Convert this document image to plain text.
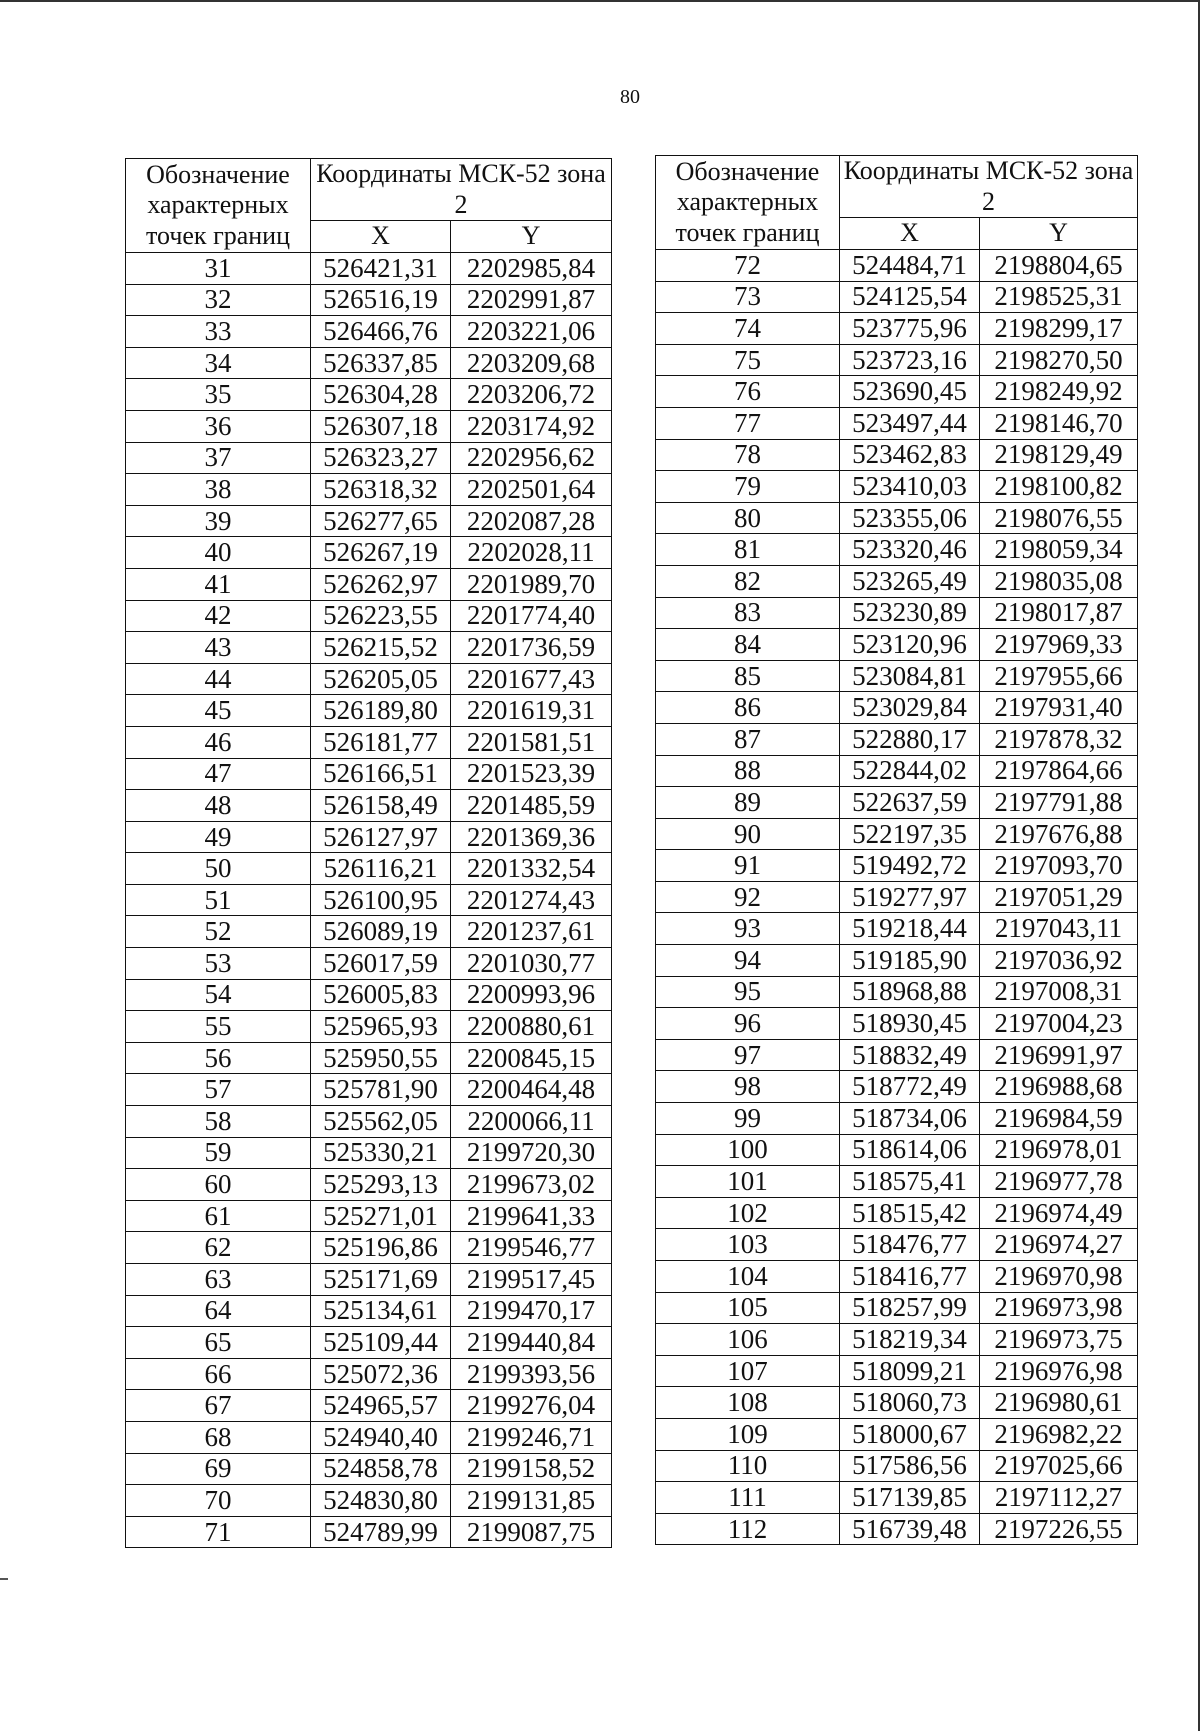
80
Обозначение характерных точек границ	Координаты МСК-52 зона 2	
	X	Y
31	526421,31	2202985,84
32	526516,19	2202991,87
33	526466,76	2203221,06
34	526337,85	2203209,68
35	526304,28	2203206,72
36	526307,18	2203174,92
37	526323,27	2202956,62
38	526318,32	2202501,64
39	526277,65	2202087,28
40	526267,19	2202028,11
41	526262,97	2201989,70
42	526223,55	2201774,40
43	526215,52	2201736,59
44	526205,05	2201677,43
45	526189,80	2201619,31
46	526181,77	2201581,51
47	526166,51	2201523,39
48	526158,49	2201485,59
49	526127,97	2201369,36
50	526116,21	2201332,54
51	526100,95	2201274,43
52	526089,19	2201237,61
53	526017,59	2201030,77
54	526005,83	2200993,96
55	525965,93	2200880,61
56	525950,55	2200845,15
57	525781,90	2200464,48
58	525562,05	2200066,11
59	525330,21	2199720,30
60	525293,13	2199673,02
61	525271,01	2199641,33
62	525196,86	2199546,77
63	525171,69	2199517,45
64	525134,61	2199470,17
65	525109,44	2199440,84
66	525072,36	2199393,56
67	524965,57	2199276,04
68	524940,40	2199246,71
69	524858,78	2199158,52
70	524830,80	2199131,85
71	524789,99	2199087,75
Обозначение характерных точек границ	Координаты МСК-52 зона 2	
	X	Y
72	524484,71	2198804,65
73	524125,54	2198525,31
74	523775,96	2198299,17
75	523723,16	2198270,50
76	523690,45	2198249,92
77	523497,44	2198146,70
78	523462,83	2198129,49
79	523410,03	2198100,82
80	523355,06	2198076,55
81	523320,46	2198059,34
82	523265,49	2198035,08
83	523230,89	2198017,87
84	523120,96	2197969,33
85	523084,81	2197955,66
86	523029,84	2197931,40
87	522880,17	2197878,32
88	522844,02	2197864,66
89	522637,59	2197791,88
90	522197,35	2197676,88
91	519492,72	2197093,70
92	519277,97	2197051,29
93	519218,44	2197043,11
94	519185,90	2197036,92
95	518968,88	2197008,31
96	518930,45	2197004,23
97	518832,49	2196991,97
98	518772,49	2196988,68
99	518734,06	2196984,59
100	518614,06	2196978,01
101	518575,41	2196977,78
102	518515,42	2196974,49
103	518476,77	2196974,27
104	518416,77	2196970,98
105	518257,99	2196973,98
106	518219,34	2196973,75
107	518099,21	2196976,98
108	518060,73	2196980,61
109	518000,67	2196982,22
110	517586,56	2197025,66
111	517139,85	2197112,27
112	516739,48	2197226,55
